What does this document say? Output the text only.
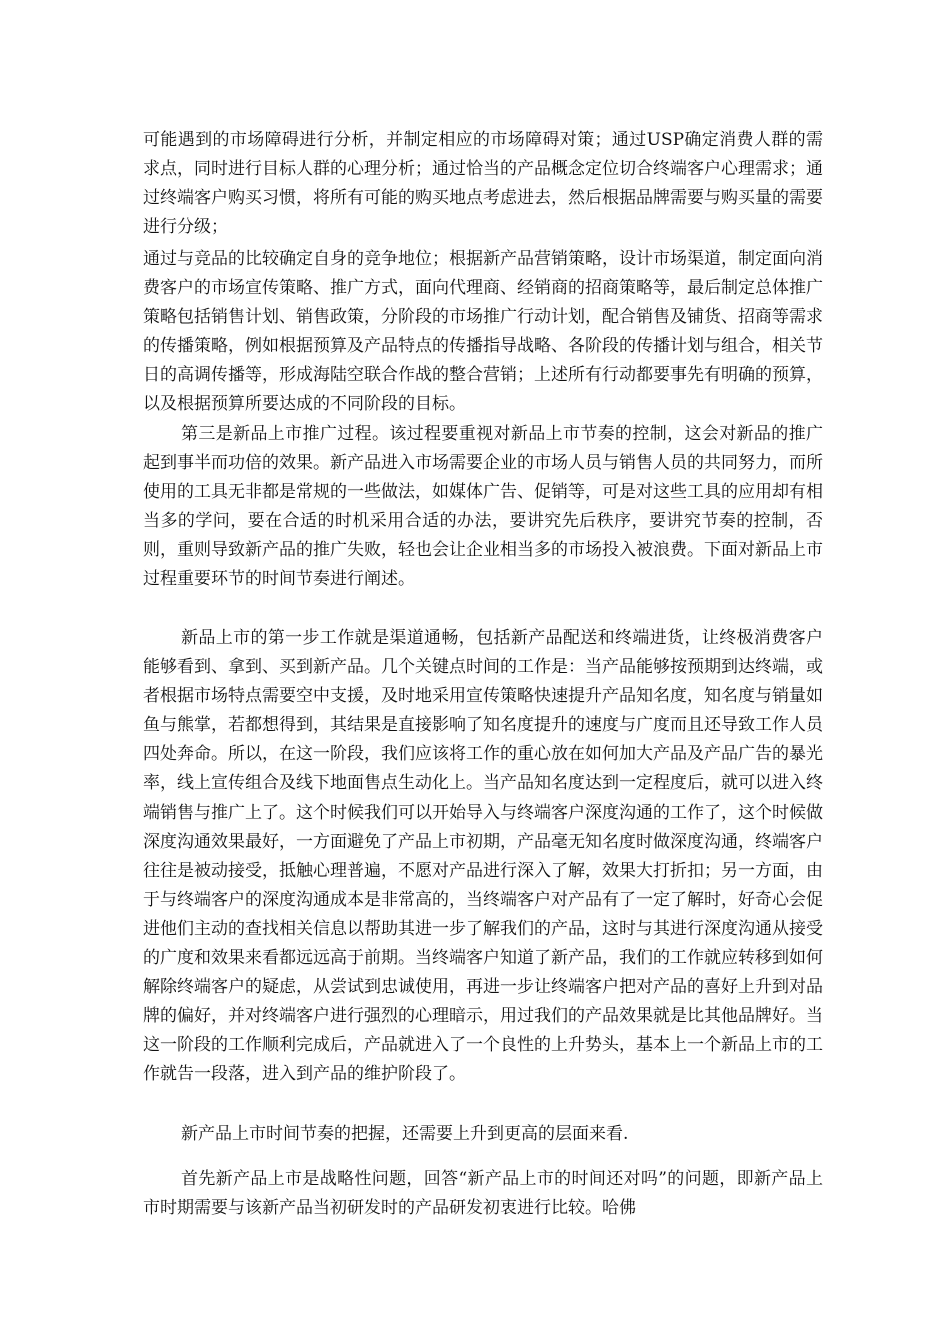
可能遇到的市场障碍进行分析，并制定相应的市场障碍对策；通过USP确定消费人群的需求点，同时进行目标人群的心理分析；通过恰当的产品概念定位切合终端客户心理需求；通过终端客户购买习惯，将所有可能的购买地点考虑进去，然后根据品牌需要与购买量的需要进行分级；

通过与竞品的比较确定自身的竞争地位；根据新产品营销策略，设计市场渠道，制定面向消费客户的市场宣传策略、推广方式，面向代理商、经销商的招商策略等，最后制定总体推广策略包括销售计划、销售政策，分阶段的市场推广行动计划，配合销售及铺货、招商等需求的传播策略，例如根据预算及产品特点的传播指导战略、各阶段的传播计划与组合，相关节日的高调传播等，形成海陆空联合作战的整合营销；上述所有行动都要事先有明确的预算，以及根据预算所要达成的不同阶段的目标。

第三是新品上市推广过程。该过程要重视对新品上市节奏的控制，这会对新品的推广起到事半而功倍的效果。新产品进入市场需要企业的市场人员与销售人员的共同努力，而所使用的工具无非都是常规的一些做法，如媒体广告、促销等，可是对这些工具的应用却有相当多的学问，要在合适的时机采用合适的办法，要讲究先后秩序，要讲究节奏的控制，否则，重则导致新产品的推广失败，轻也会让企业相当多的市场投入被浪费。下面对新品上市过程重要环节的时间节奏进行阐述。

新品上市的第一步工作就是渠道通畅，包括新产品配送和终端进货，让终极消费客户能够看到、拿到、买到新产品。几个关键点时间的工作是：当产品能够按预期到达终端，或者根据市场特点需要空中支援，及时地采用宣传策略快速提升产品知名度，知名度与销量如鱼与熊掌，若都想得到，其结果是直接影响了知名度提升的速度与广度而且还导致工作人员四处奔命。所以，在这一阶段，我们应该将工作的重心放在如何加大产品及产品广告的暴光率，线上宣传组合及线下地面售点生动化上。当产品知名度达到一定程度后，就可以进入终端销售与推广上了。这个时候我们可以开始导入与终端客户深度沟通的工作了，这个时候做深度沟通效果最好，一方面避免了产品上市初期，产品毫无知名度时做深度沟通，终端客户往往是被动接受，抵触心理普遍，不愿对产品进行深入了解，效果大打折扣；另一方面，由于与终端客户的深度沟通成本是非常高的，当终端客户对产品有了一定了解时，好奇心会促进他们主动的查找相关信息以帮助其进一步了解我们的产品，这时与其进行深度沟通从接受的广度和效果来看都远远高于前期。当终端客户知道了新产品，我们的工作就应转移到如何解除终端客户的疑虑，从尝试到忠诚使用，再进一步让终端客户把对产品的喜好上升到对品牌的偏好，并对终端客户进行强烈的心理暗示，用过我们的产品效果就是比其他品牌好。当这一阶段的工作顺利完成后，产品就进入了一个良性的上升势头，基本上一个新品上市的工作就告一段落，进入到产品的维护阶段了。

新产品上市时间节奏的把握，还需要上升到更高的层面来看.

首先新产品上市是战略性问题，回答“新产品上市的时间还对吗”的问题，即新产品上市时期需要与该新产品当初研发时的产品研发初衷进行比较。哈佛
